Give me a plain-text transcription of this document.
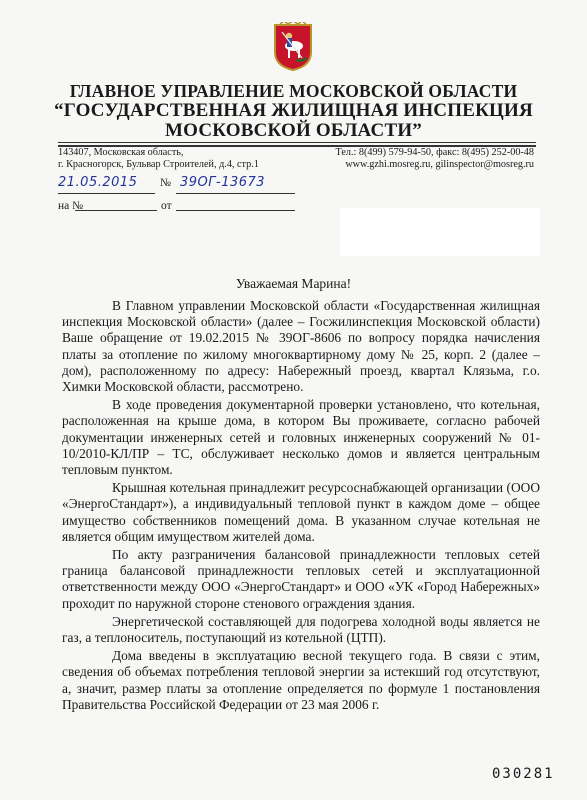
ГЛАВНОЕ УПРАВЛЕНИЕ МОСКОВСКОЙ ОБЛАСТИ
“ГОСУДАРСТВЕННАЯ ЖИЛИЩНАЯ ИНСПЕКЦИЯ
МОСКОВСКОЙ ОБЛАСТИ”
143407, Московская область,
г. Красногорск, Бульвар Строителей, д.4, стр.1
Тел.: 8(499) 579-94-50, факс: 8(495) 252-00-48
www.gzhi.mosreg.ru, gilinspector@mosreg.ru
21.05.2015 № 39ОГ-13673
на №	от
Уважаемая Марина!

В Главном управлении Московской области «Государственная жилищная инспекция Московской области» (далее – Госжилинспекция Московской области) Ваше обращение от 19.02.2015 № 39ОГ-8606 по вопросу порядка начисления платы за отопление по жилому многоквартирному дому № 25, корп. 2 (далее – дом), расположенному по адресу: Набережный проезд, квартал Клязьма, г.о. Химки Московской области, рассмотрено.

В ходе проведения документарной проверки установлено, что котельная, расположенная на крыше дома, в котором Вы проживаете, согласно рабочей документации инженерных сетей и головных инженерных сооружений № 01-10/2010-КЛ/ПР – ТС, обслуживает несколько домов и является центральным тепловым пунктом.

Крышная котельная принадлежит ресурсоснабжающей организации (ООО «ЭнергоСтандарт»), а индивидуальный тепловой пункт в каждом доме – общее имущество собственников помещений дома. В указанном случае котельная не является общим имуществом жителей дома.

По акту разграничения балансовой принадлежности тепловых сетей граница балансовой принадлежности тепловых сетей и эксплуатационной ответственности между ООО «ЭнергоСтандарт» и ООО «УК «Город Набережных» проходит по наружной стороне стенового ограждения здания.

Энергетической составляющей для подогрева холодной воды является не газ, а теплоноситель, поступающий из котельной (ЦТП).

Дома введены в эксплуатацию весной текущего года. В связи с этим, сведения об объемах потребления тепловой энергии за истекший год отсутствуют, а, значит, размер платы за отопление определяется по формуле 1 постановления Правительства Российской Федерации от 23 мая 2006 г.

030281
